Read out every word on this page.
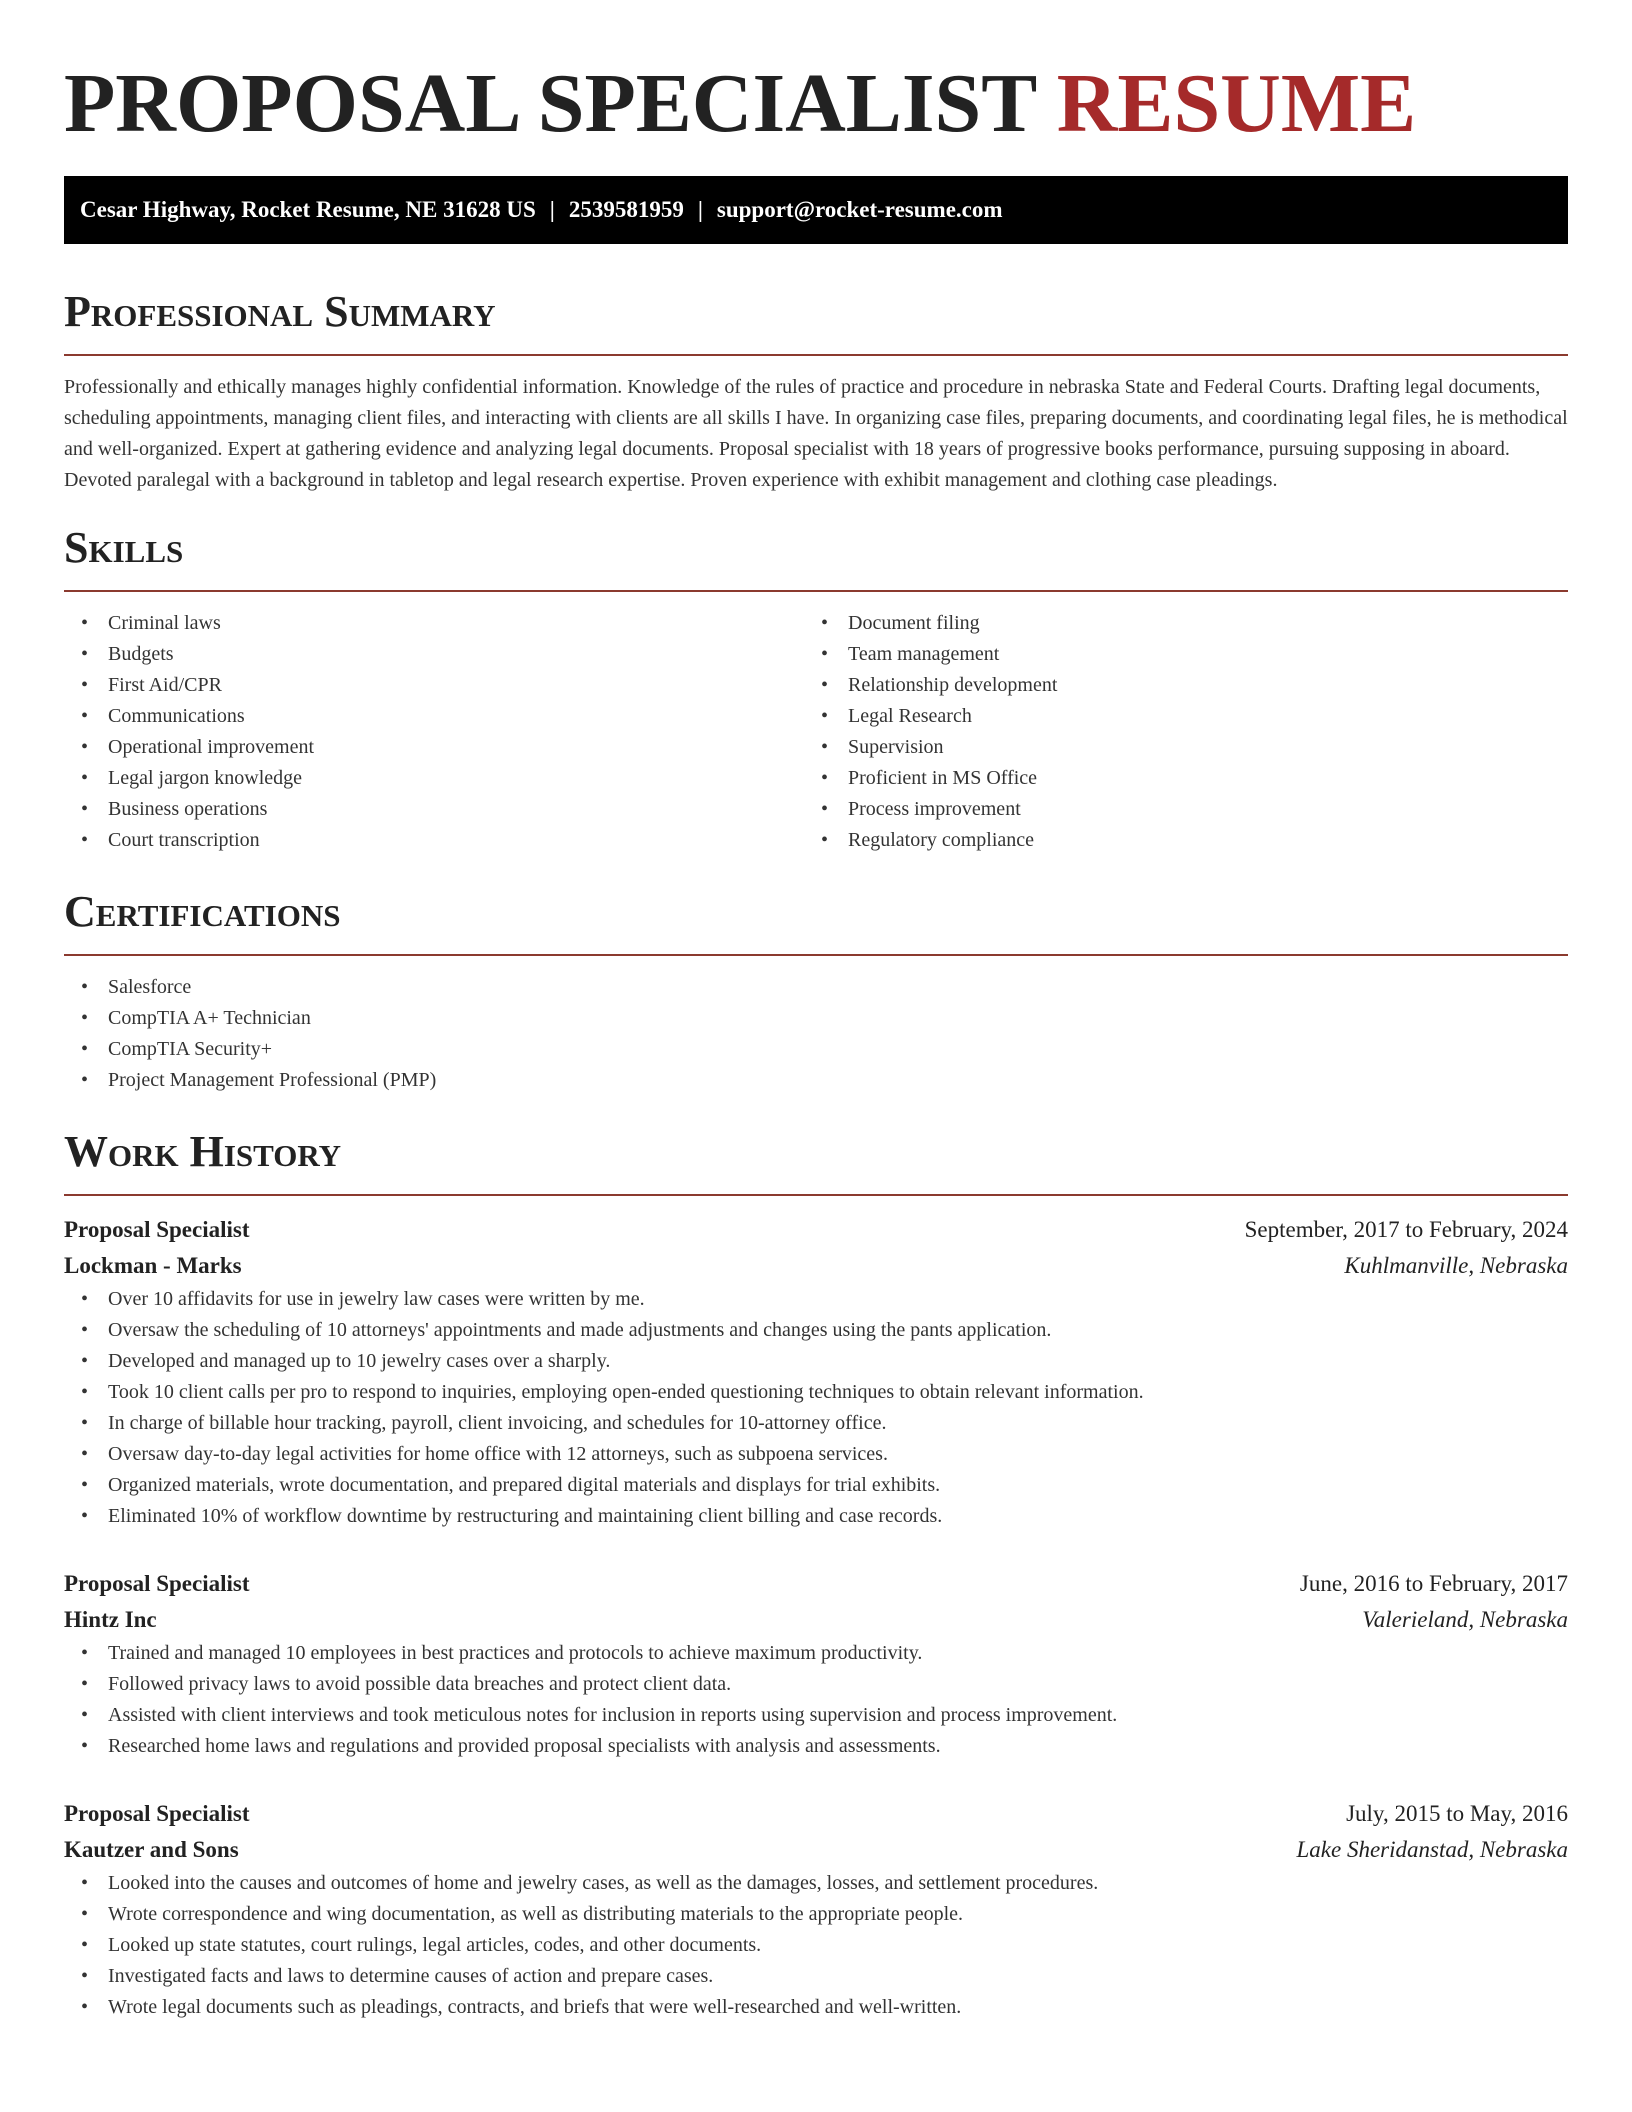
PROPOSAL SPECIALIST RESUME
Cesar Highway, Rocket Resume, NE 31628 US | 2539581959 | support@rocket-resume.com
Professional Summary

Professionally and ethically manages highly confidential information. Knowledge of the rules of practice and procedure in nebraska State and Federal Courts. Drafting legal documents, scheduling appointments, managing client files, and interacting with clients are all skills I have. In organizing case files, preparing documents, and coordinating legal files, he is methodical and well-organized. Expert at gathering evidence and analyzing legal documents. Proposal specialist with 18 years of progressive books performance, pursuing supposing in aboard. Devoted paralegal with a background in tabletop and legal research expertise. Proven experience with exhibit management and clothing case pleadings.

Skills
• Criminal laws
• Budgets
• First Aid/CPR
• Communications
• Operational improvement
• Legal jargon knowledge
• Business operations
• Court transcription
• Document filing
• Team management
• Relationship development
• Legal Research
• Supervision
• Proficient in MS Office
• Process improvement
• Regulatory compliance
Certifications
• Salesforce
• CompTIA A+ Technician
• CompTIA Security+
• Project Management Professional (PMP)
Work History
Proposal Specialist	September, 2017 to February, 2024
Lockman - Marks	Kuhlmanville, Nebraska
• Over 10 affidavits for use in jewelry law cases were written by me.
• Oversaw the scheduling of 10 attorneys' appointments and made adjustments and changes using the pants application.
• Developed and managed up to 10 jewelry cases over a sharply.
• Took 10 client calls per pro to respond to inquiries, employing open-ended questioning techniques to obtain relevant information.
• In charge of billable hour tracking, payroll, client invoicing, and schedules for 10-attorney office.
• Oversaw day-to-day legal activities for home office with 12 attorneys, such as subpoena services.
• Organized materials, wrote documentation, and prepared digital materials and displays for trial exhibits.
• Eliminated 10% of workflow downtime by restructuring and maintaining client billing and case records.
Proposal Specialist	June, 2016 to February, 2017
Hintz Inc	Valerieland, Nebraska
• Trained and managed 10 employees in best practices and protocols to achieve maximum productivity.
• Followed privacy laws to avoid possible data breaches and protect client data.
• Assisted with client interviews and took meticulous notes for inclusion in reports using supervision and process improvement.
• Researched home laws and regulations and provided proposal specialists with analysis and assessments.
Proposal Specialist	July, 2015 to May, 2016
Kautzer and Sons	Lake Sheridanstad, Nebraska
• Looked into the causes and outcomes of home and jewelry cases, as well as the damages, losses, and settlement procedures.
• Wrote correspondence and wing documentation, as well as distributing materials to the appropriate people.
• Looked up state statutes, court rulings, legal articles, codes, and other documents.
• Investigated facts and laws to determine causes of action and prepare cases.
• Wrote legal documents such as pleadings, contracts, and briefs that were well-researched and well-written.
